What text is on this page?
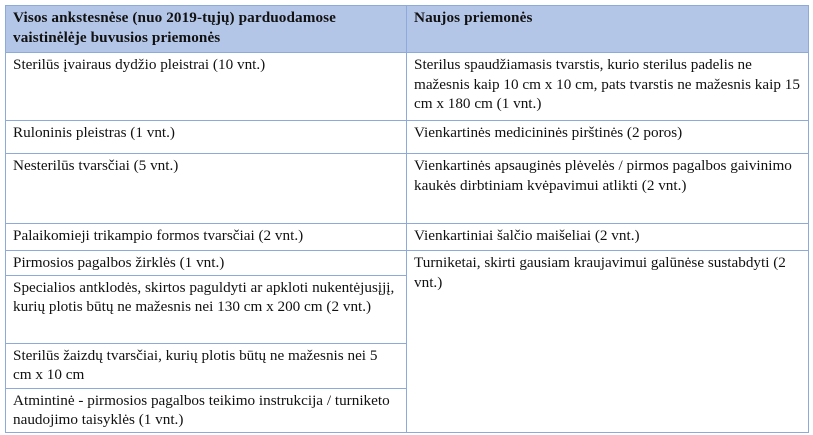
Visos ankstesnėse (nuo 2019-tųjų) parduodamose vaistinėlėje buvusios priemonės	Naujos priemonės

Sterilūs įvairaus dydžio pleistrai (10 vnt.)	Sterilus spaudžiamasis tvarstis, kurio sterilus padelis ne mažesnis kaip 10 cm x 10 cm, pats tvarstis ne mažesnis kaip 15 cm x 180 cm (1 vnt.)

Ruloninis pleistras (1 vnt.)	Vienkartinės medicininės pirštinės (2 poros)

Nesterilūs tvarsčiai (5 vnt.)	Vienkartinės apsauginės plėvelės / pirmos pagalbos gaivinimo kaukės dirbtiniam kvėpavimui atlikti (2 vnt.)

Palaikomieji trikampio formos tvarsčiai (2 vnt.)	Vienkartiniai šalčio maišeliai (2 vnt.)

Pirmosios pagalbos žirklės (1 vnt.)	Turniketai, skirti gausiam kraujavimui galūnėse sustabdyti (2 vnt.)

Specialios antklodės, skirtos paguldyti ar apkloti nukentėjusįjį, kurių plotis būtų ne mažesnis nei 130 cm x 200 cm (2 vnt.)	

Sterilūs žaizdų tvarsčiai, kurių plotis būtų ne mažesnis nei 5 cm x 10 cm	

Atmintinė - pirmosios pagalbos teikimo instrukcija / turniketo naudojimo taisyklės (1 vnt.)	
